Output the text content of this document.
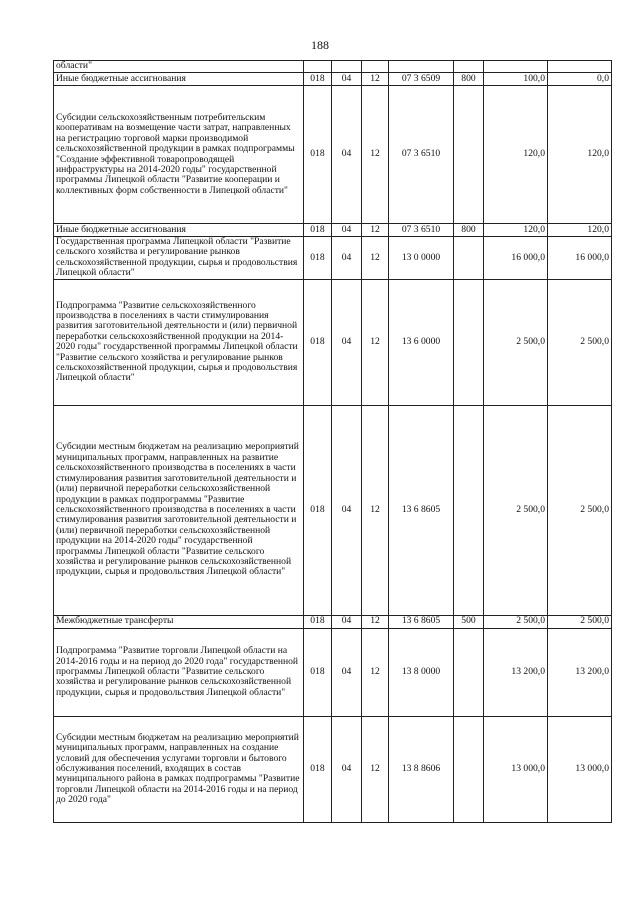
188
области"							
Иные бюджетные ассигнования	018	04	12	07 3 6509	800	100,0	0,0
Субсидии сельскохозяйственным потребительским кооперативам на возмещение части затрат, направленных на регистрацию торговой марки производимой сельскохозяйственной продукции в рамках подпрограммы "Создание эффективной товаропроводящей инфраструктуры на 2014-2020 годы" государственной программы Липецкой области "Развитие кооперации и коллективных форм собственности в Липецкой области"	018	04	12	07 3 6510		120,0	120,0
Иные бюджетные ассигнования	018	04	12	07 3 6510	800	120,0	120,0
Государственная программа Липецкой области "Развитие сельского хозяйства и регулирование рынков сельскохозяйственной продукции, сырья и продовольствия Липецкой области"	018	04	12	13 0 0000		16 000,0	16 000,0
Подпрограмма "Развитие сельскохозяйственного производства в поселениях в части стимулирования развития заготовительной деятельности и (или) первичной переработки сельскохозяйственной продукции на 2014-2020 годы" государственной программы Липецкой области "Развитие сельского хозяйства и регулирование рынков сельскохозяйственной продукции, сырья и продовольствия Липецкой области"	018	04	12	13 6 0000		2 500,0	2 500,0
Субсидии местным бюджетам на реализацию мероприятий муниципальных программ, направленных на развитие сельскохозяйственного производства в поселениях в части стимулирования развития заготовительной деятельности и (или) первичной переработки сельскохозяйственной продукции в рамках подпрограммы "Развитие сельскохозяйственного производства в поселениях в части стимулирования развития заготовительной деятельности и (или) первичной переработки сельскохозяйственной продукции на 2014-2020 годы" государственной программы Липецкой области "Развитие сельского хозяйства и регулирование рынков сельскохозяйственной продукции, сырья и продовольствия Липецкой области"	018	04	12	13 6 8605		2 500,0	2 500,0
Межбюджетные трансферты	018	04	12	13 6 8605	500	2 500,0	2 500,0
Подпрограмма "Развитие торговли Липецкой области на 2014-2016 годы и на период до 2020 года" государственной программы Липецкой области "Развитие сельского хозяйства и регулирование рынков сельскохозяйственной продукции, сырья и продовольствия Липецкой области"	018	04	12	13 8 0000		13 200,0	13 200,0
Субсидии местным бюджетам на реализацию мероприятий муниципальных программ, направленных на создание условий для обеспечения услугами торговли и бытового обслуживания поселений, входящих в состав муниципального района в рамках подпрограммы "Развитие торговли Липецкой области на 2014-2016 годы и на период до 2020 года"	018	04	12	13 8 8606		13 000,0	13 000,0
